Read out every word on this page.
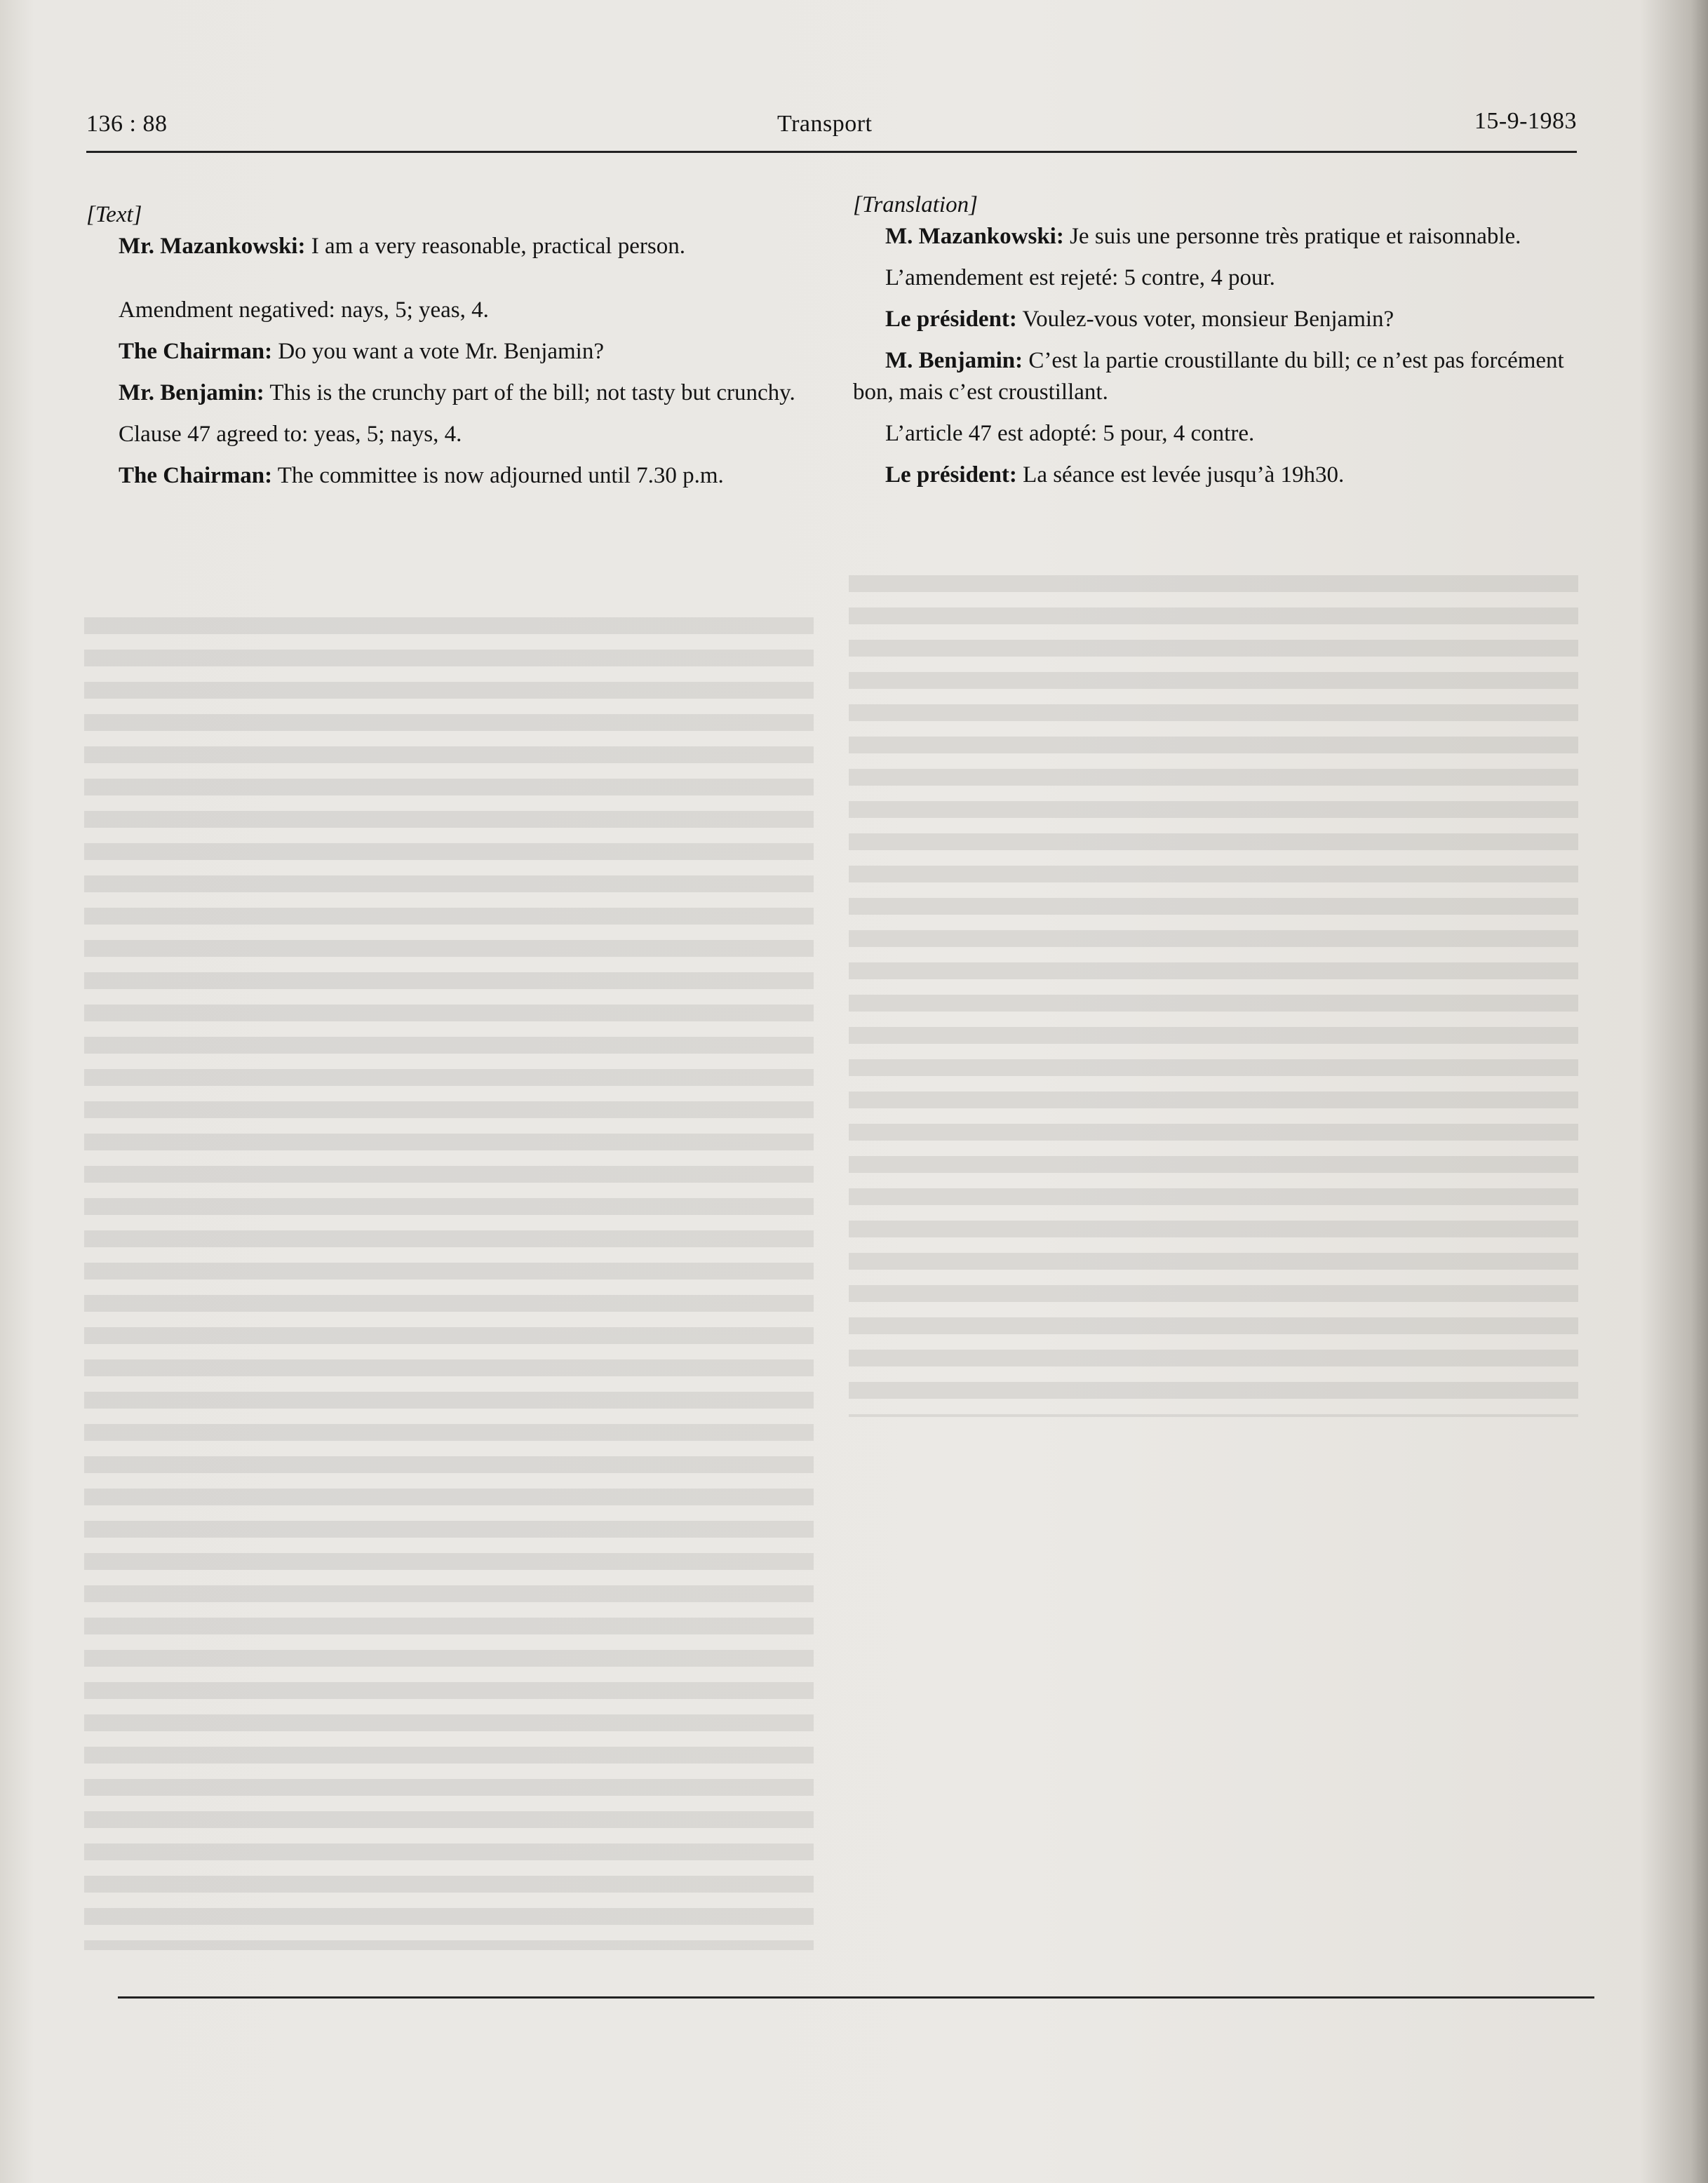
136 : 88	Transport	15-9-1983

[Text]

Mr. Mazankowski: I am a very reasonable, practical person.

Amendment negatived: nays, 5; yeas, 4.

The Chairman: Do you want a vote Mr. Benjamin?

Mr. Benjamin: This is the crunchy part of the bill; not tasty but crunchy.

Clause 47 agreed to: yeas, 5; nays, 4.

The Chairman: The committee is now adjourned until 7.30 p.m.

[Translation]

M. Mazankowski: Je suis une personne très pratique et raisonnable.

L’amendement est rejeté: 5 contre, 4 pour.

Le président: Voulez-vous voter, monsieur Benjamin?

M. Benjamin: C’est la partie croustillante du bill; ce n’est pas forcément bon, mais c’est croustillant.

L’article 47 est adopté: 5 pour, 4 contre.

Le président: La séance est levée jusqu’à 19h30.
